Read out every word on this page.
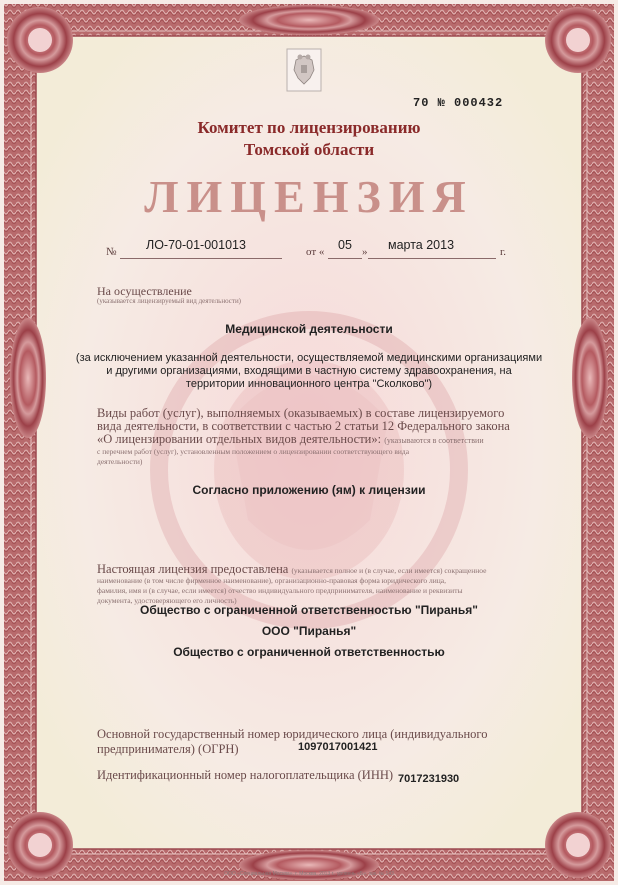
70 № 000432
Комитет по лицензированию
Томской области
ЛИЦЕНЗИЯ
№ ЛО-70-01-001013	от « 05 » марта 2013	г.
На осуществление
(указывается лицензируемый вид деятельности)
Медицинской деятельности
(за исключением указанной деятельности, осуществляемой медицинскими организациями
и другими организациями, входящими в частную систему здравоохранения, на
территории инновационного центра "Сколково")
Виды работ (услуг), выполняемых (оказываемых) в составе лицензируемого
вида деятельности, в соответствии с частью 2 статьи 12 Федерального закона
«О лицензировании отдельных видов деятельности»: (указываются в соответствии
с перечнем работ (услуг), установленным положением о лицензировании соответствующего вида
деятельности)
Согласно приложению (ям) к лицензии
Настоящая лицензия предоставлена (указывается полное и (в случае, если имеется) сокращенное
наименование (в том числе фирменное наименование), организационно-правовая форма юридического лица,
фамилия, имя и (в случае, если имеется) отчество индивидуального предпринимателя, наименование и реквизиты
документа, удостоверяющего его личность)
Общество с ограниченной ответственностью "Пиранья"
ООО "Пиранья"
Общество с ограниченной ответственностью
Основной государственный номер юридического лица (индивидуального
предпринимателя) (ОГРН)	1097017001421
Идентификационный номер налогоплательщика (ИНН) 7017231930
ООО «Специальная Москва», г. Москва, 2013 г., уровень «Б», зак. № 143
